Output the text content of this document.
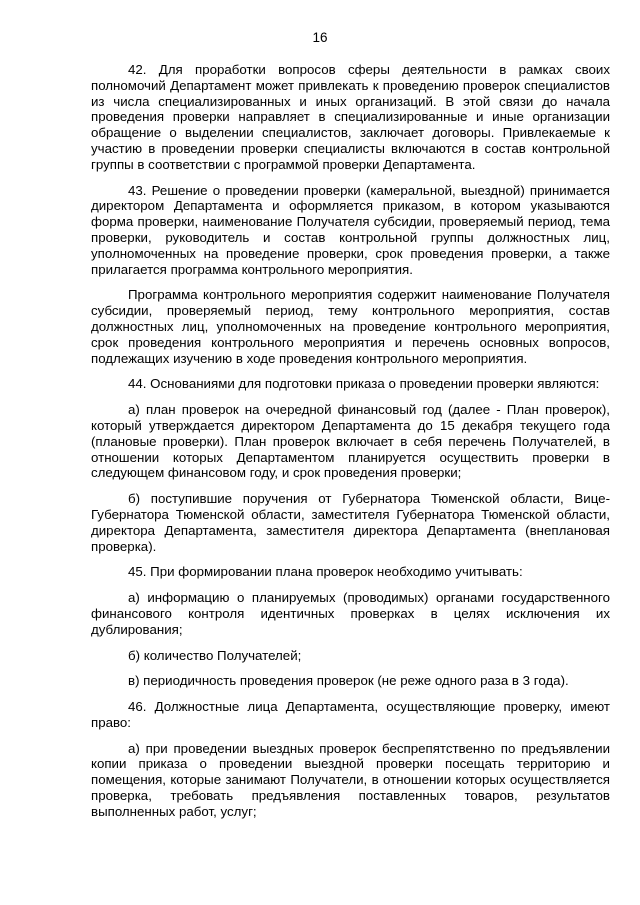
16

42. Для проработки вопросов сферы деятельности в рамках своих полномочий Департамент может привлекать к проведению проверок специалистов из числа специализированных и иных организаций. В этой связи до начала проведения проверки направляет в специализированные и иные организации обращение о выделении специалистов, заключает договоры. Привлекаемые к участию в проведении проверки специалисты включаются в состав контрольной группы в соответствии с программой проверки Департамента.

43. Решение о проведении проверки (камеральной, выездной) принимается директором Департамента и оформляется приказом, в котором указываются форма проверки, наименование Получателя субсидии, проверяемый период, тема проверки, руководитель и состав контрольной группы должностных лиц, уполномоченных на проведение проверки, срок проведения проверки, а также прилагается программа контрольного мероприятия.

Программа контрольного мероприятия содержит наименование Получателя субсидии, проверяемый период, тему контрольного мероприятия, состав должностных лиц, уполномоченных на проведение контрольного мероприятия, срок проведения контрольного мероприятия и перечень основных вопросов, подлежащих изучению в ходе проведения контрольного мероприятия.

44. Основаниями для подготовки приказа о проведении проверки являются:

а) план проверок на очередной финансовый год (далее - План проверок), который утверждается директором Департамента до 15 декабря текущего года (плановые проверки). План проверок включает в себя перечень Получателей, в отношении которых Департаментом планируется осуществить проверки в следующем финансовом году, и срок проведения проверки;

б) поступившие поручения от Губернатора Тюменской области, Вице-Губернатора Тюменской области, заместителя Губернатора Тюменской области, директора Департамента, заместителя директора Департамента (внеплановая проверка).

45. При формировании плана проверок необходимо учитывать:

а) информацию о планируемых (проводимых) органами государственного финансового контроля идентичных проверках в целях исключения их дублирования;

б) количество Получателей;

в) периодичность проведения проверок (не реже одного раза в 3 года).

46. Должностные лица Департамента, осуществляющие проверку, имеют право:

а) при проведении выездных проверок беспрепятственно по предъявлении копии приказа о проведении выездной проверки посещать территорию и помещения, которые занимают Получатели, в отношении которых осуществляется проверка, требовать предъявления поставленных товаров, результатов выполненных работ, услуг;
